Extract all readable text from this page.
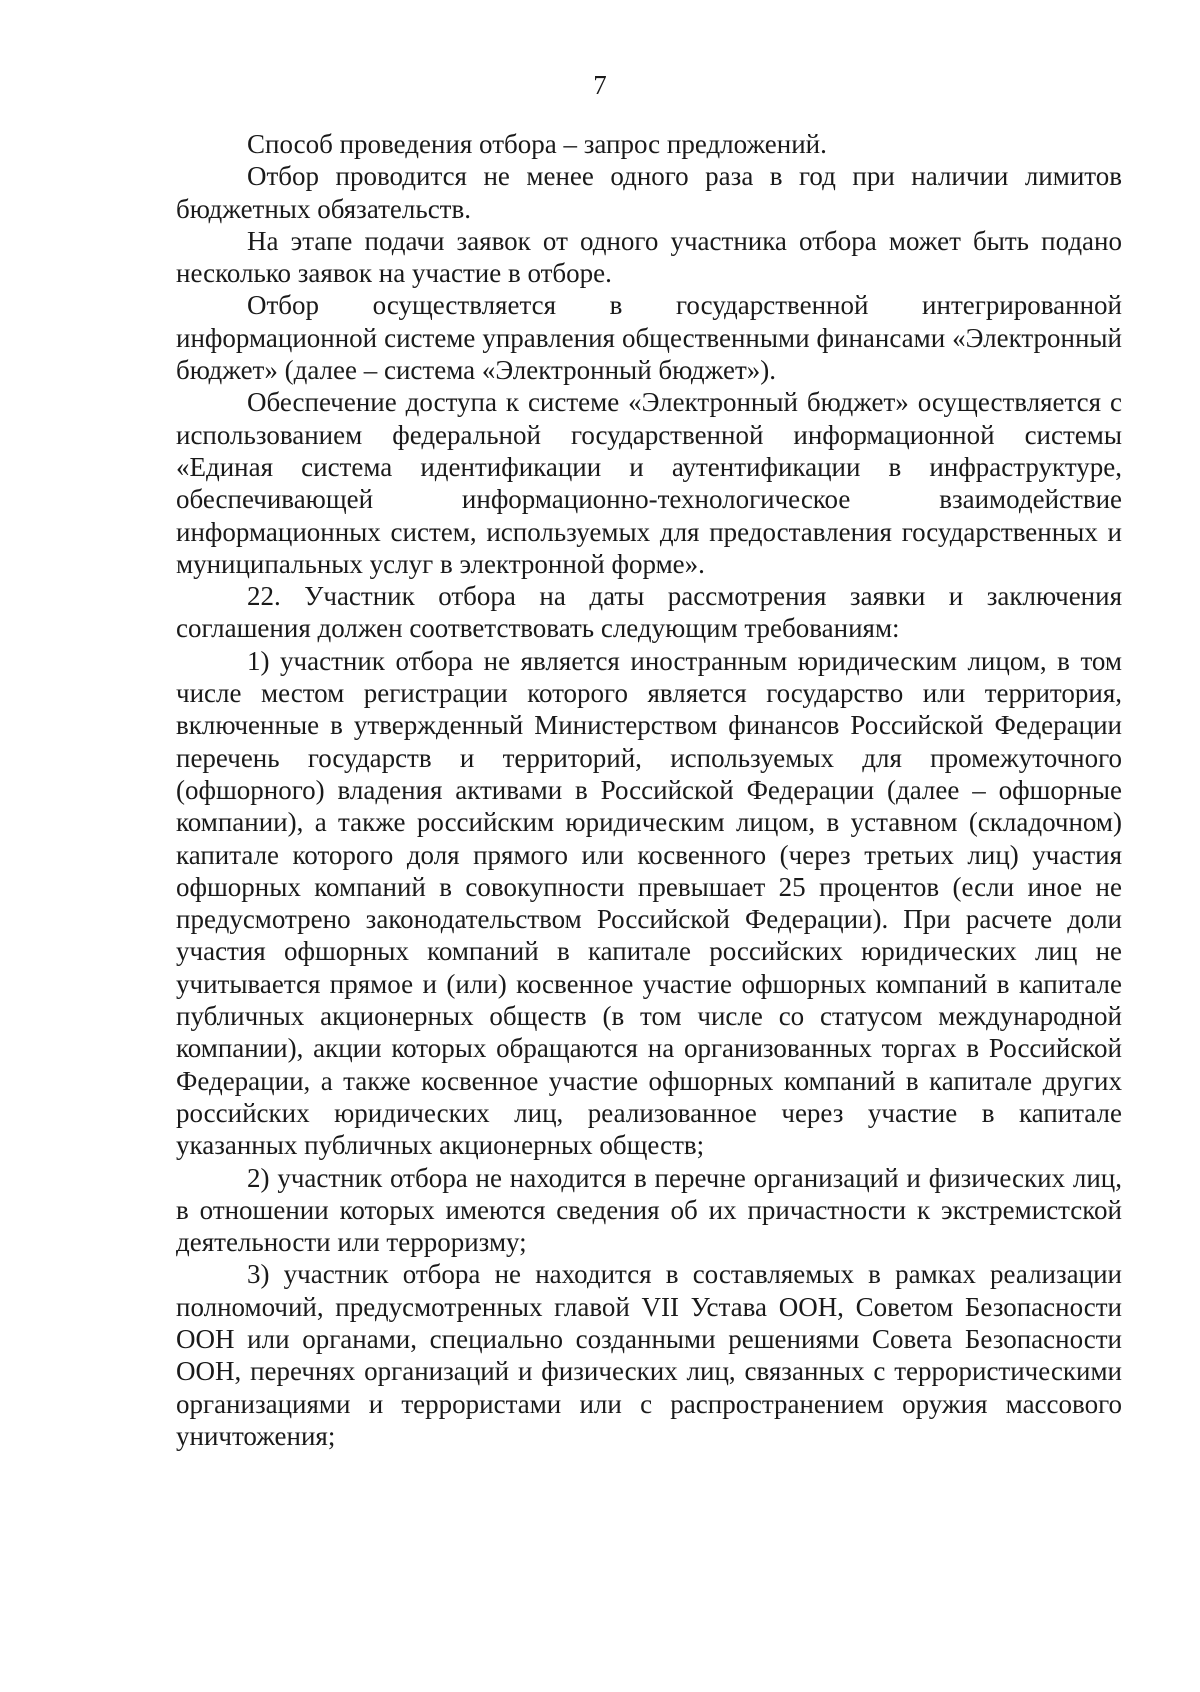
7

Способ проведения отбора – запрос предложений.

Отбор проводится не менее одного раза в год при наличии лимитов бюджетных обязательств.

На этапе подачи заявок от одного участника отбора может быть подано несколько заявок на участие в отборе.

Отбор осуществляется в государственной интегрированной информационной системе управления общественными финансами «Электронный бюджет» (далее – система «Электронный бюджет»).

Обеспечение доступа к системе «Электронный бюджет» осуществляется с использованием федеральной государственной информационной системы «Единая система идентификации и аутентификации в инфраструктуре, обеспечивающей информационно-технологическое взаимодействие информационных систем, используемых для предоставления государственных и муниципальных услуг в электронной форме».

22. Участник отбора на даты рассмотрения заявки и заключения соглашения должен соответствовать следующим требованиям:

1) участник отбора не является иностранным юридическим лицом, в том числе местом регистрации которого является государство или территория, включенные в утвержденный Министерством финансов Российской Федерации перечень государств и территорий, используемых для промежуточного (офшорного) владения активами в Российской Федерации (далее – офшорные компании), а также российским юридическим лицом, в уставном (складочном) капитале которого доля прямого или косвенного (через третьих лиц) участия офшорных компаний в совокупности превышает 25 процентов (если иное не предусмотрено законодательством Российской Федерации). При расчете доли участия офшорных компаний в капитале российских юридических лиц не учитывается прямое и (или) косвенное участие офшорных компаний в капитале публичных акционерных обществ (в том числе со статусом международной компании), акции которых обращаются на организованных торгах в Российской Федерации, а также косвенное участие офшорных компаний в капитале других российских юридических лиц, реализованное через участие в капитале указанных публичных акционерных обществ;

2) участник отбора не находится в перечне организаций и физических лиц, в отношении которых имеются сведения об их причастности к экстремистской деятельности или терроризму;

3) участник отбора не находится в составляемых в рамках реализации полномочий, предусмотренных главой VII Устава ООН, Советом Безопасности ООН или органами, специально созданными решениями Совета Безопасности ООН, перечнях организаций и физических лиц, связанных с террористическими организациями и террористами или с распространением оружия массового уничтожения;
